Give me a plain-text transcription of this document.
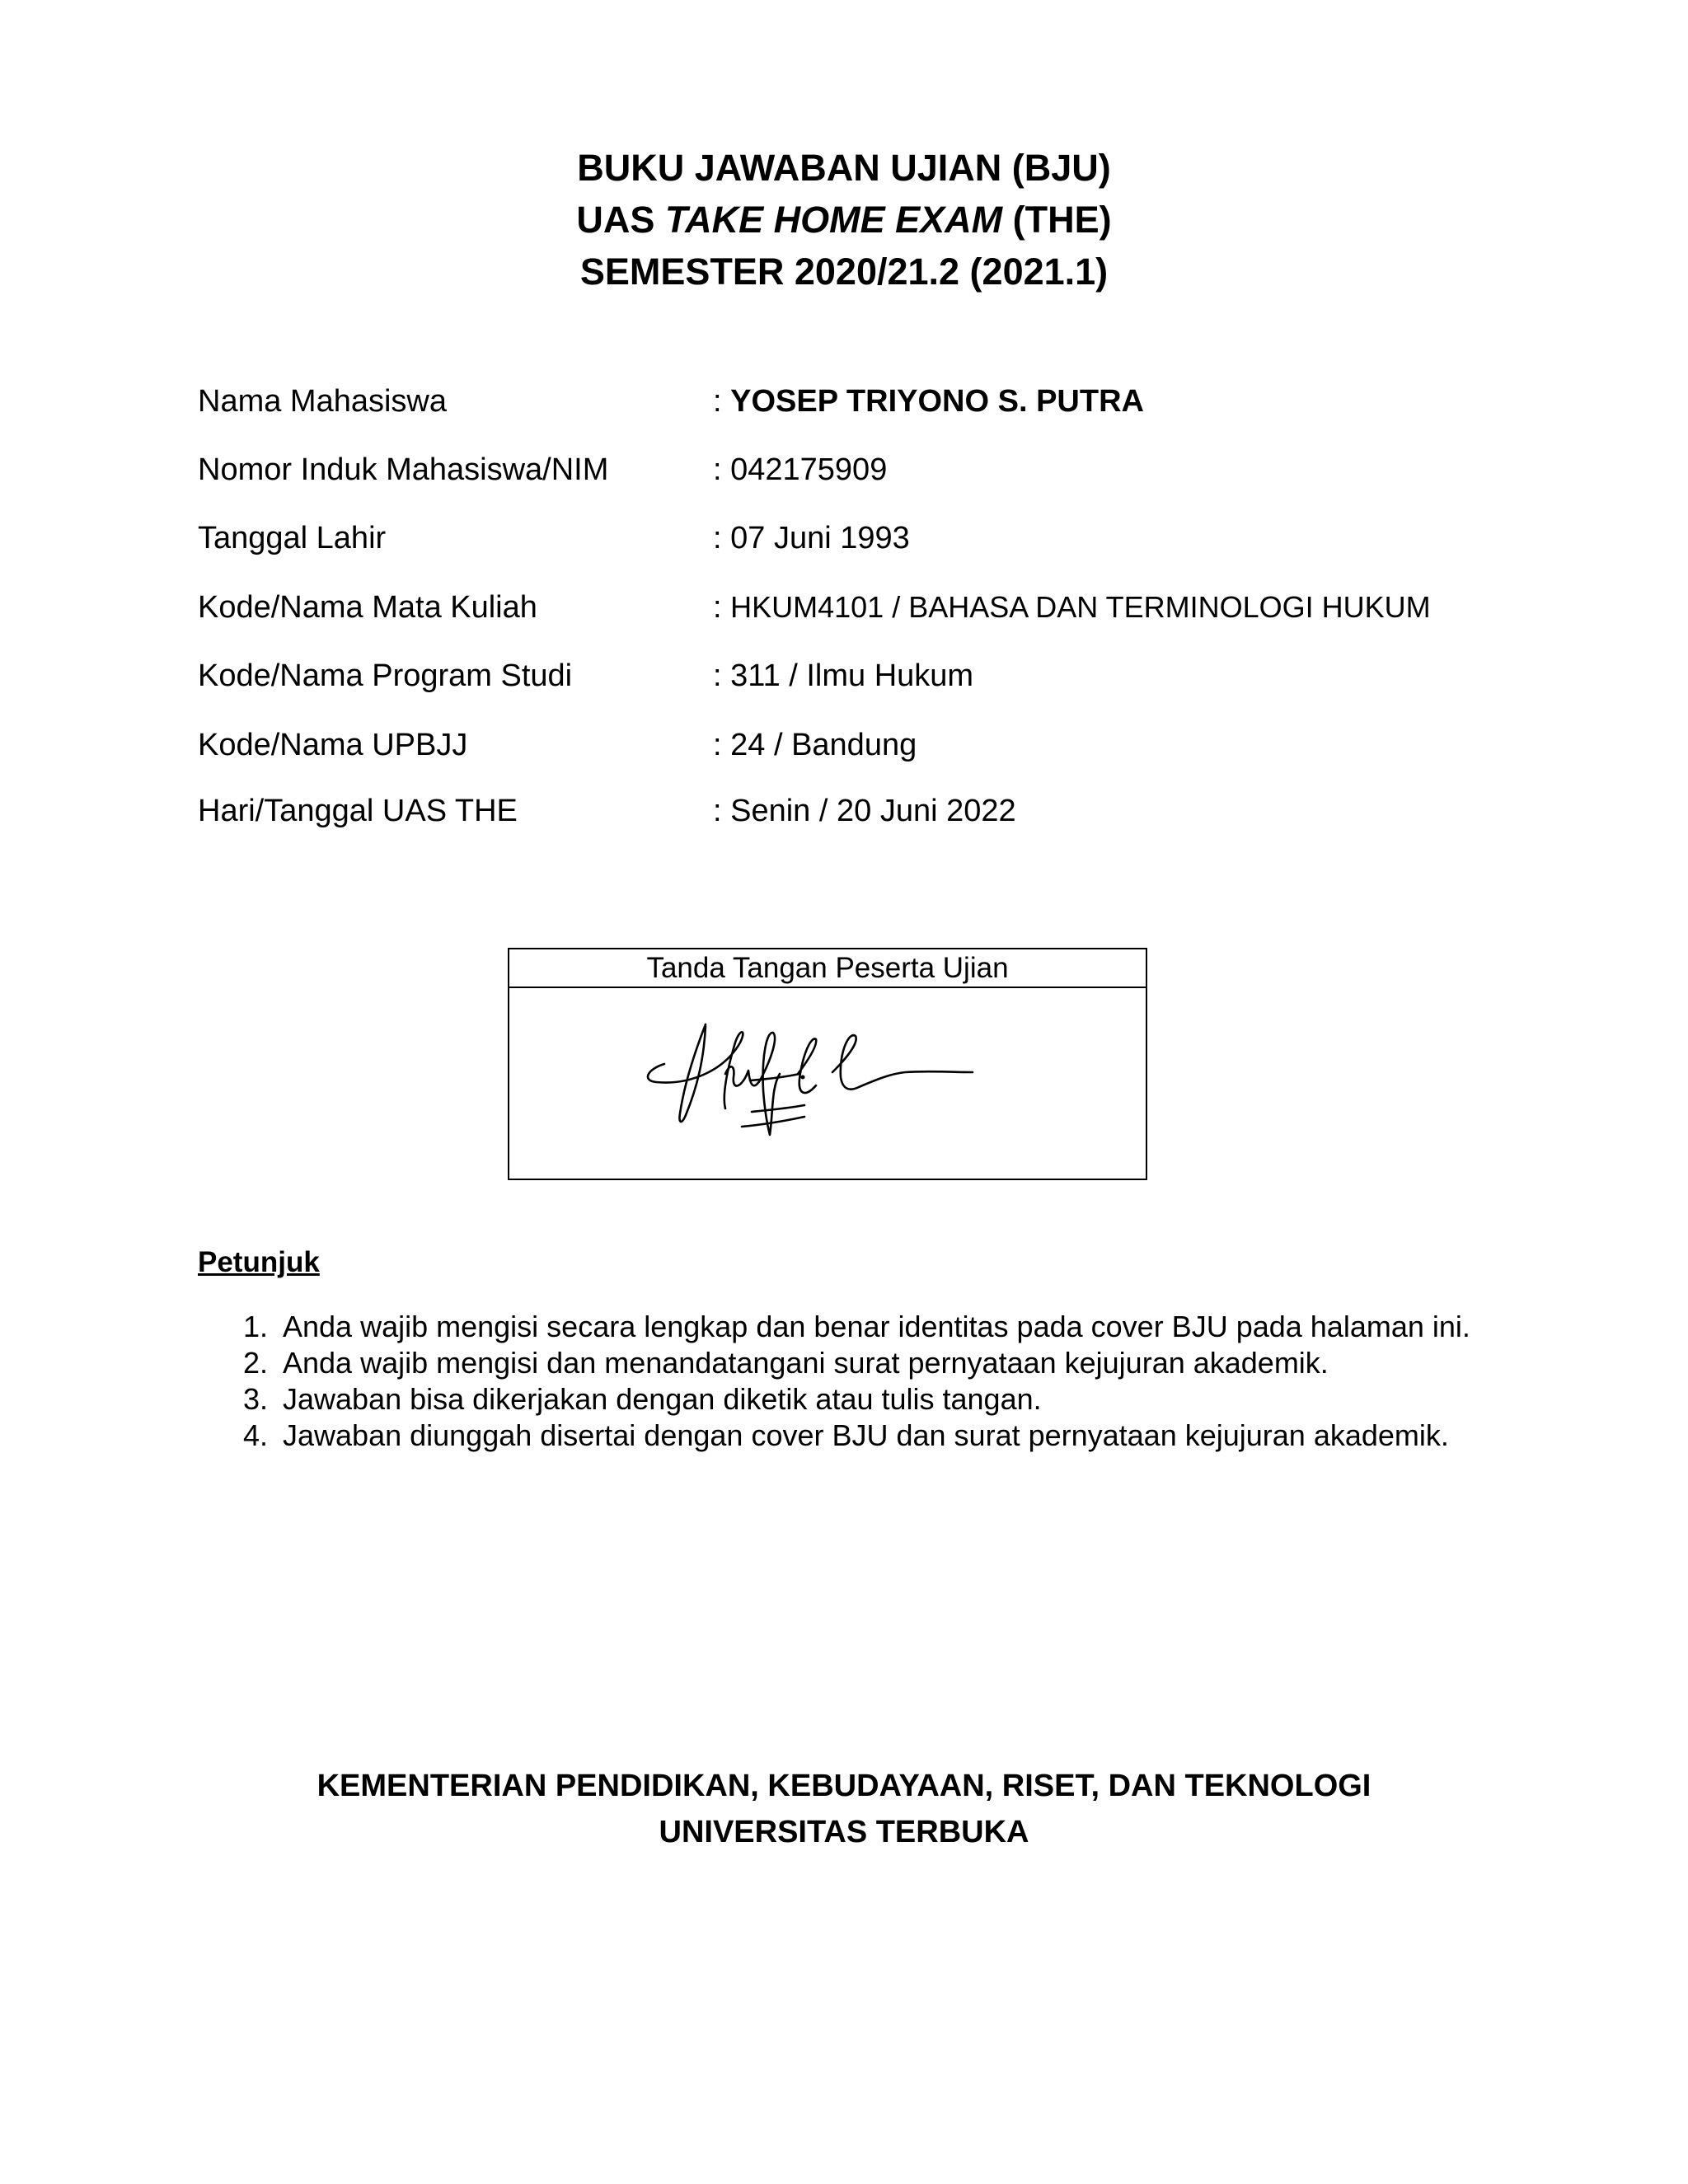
BUKU JAWABAN UJIAN (BJU)
UAS TAKE HOME EXAM (THE)
SEMESTER 2020/21.2 (2021.1)
Nama Mahasiswa	: YOSEP TRIYONO S. PUTRA
Nomor Induk Mahasiswa/NIM	: 042175909
Tanggal Lahir	: 07 Juni 1993
Kode/Nama Mata Kuliah	: HKUM4101 / BAHASA DAN TERMINOLOGI HUKUM
Kode/Nama Program Studi	: 311 / Ilmu Hukum
Kode/Nama UPBJJ	: 24 / Bandung
Hari/Tanggal UAS THE	: Senin / 20 Juni 2022
Tanda Tangan Peserta Ujian
Petunjuk
1. Anda wajib mengisi secara lengkap dan benar identitas pada cover BJU pada halaman ini.
2. Anda wajib mengisi dan menandatangani surat pernyataan kejujuran akademik.
3. Jawaban bisa dikerjakan dengan diketik atau tulis tangan.
4. Jawaban diunggah disertai dengan cover BJU dan surat pernyataan kejujuran akademik.
KEMENTERIAN PENDIDIKAN, KEBUDAYAAN, RISET, DAN TEKNOLOGI
UNIVERSITAS TERBUKA
